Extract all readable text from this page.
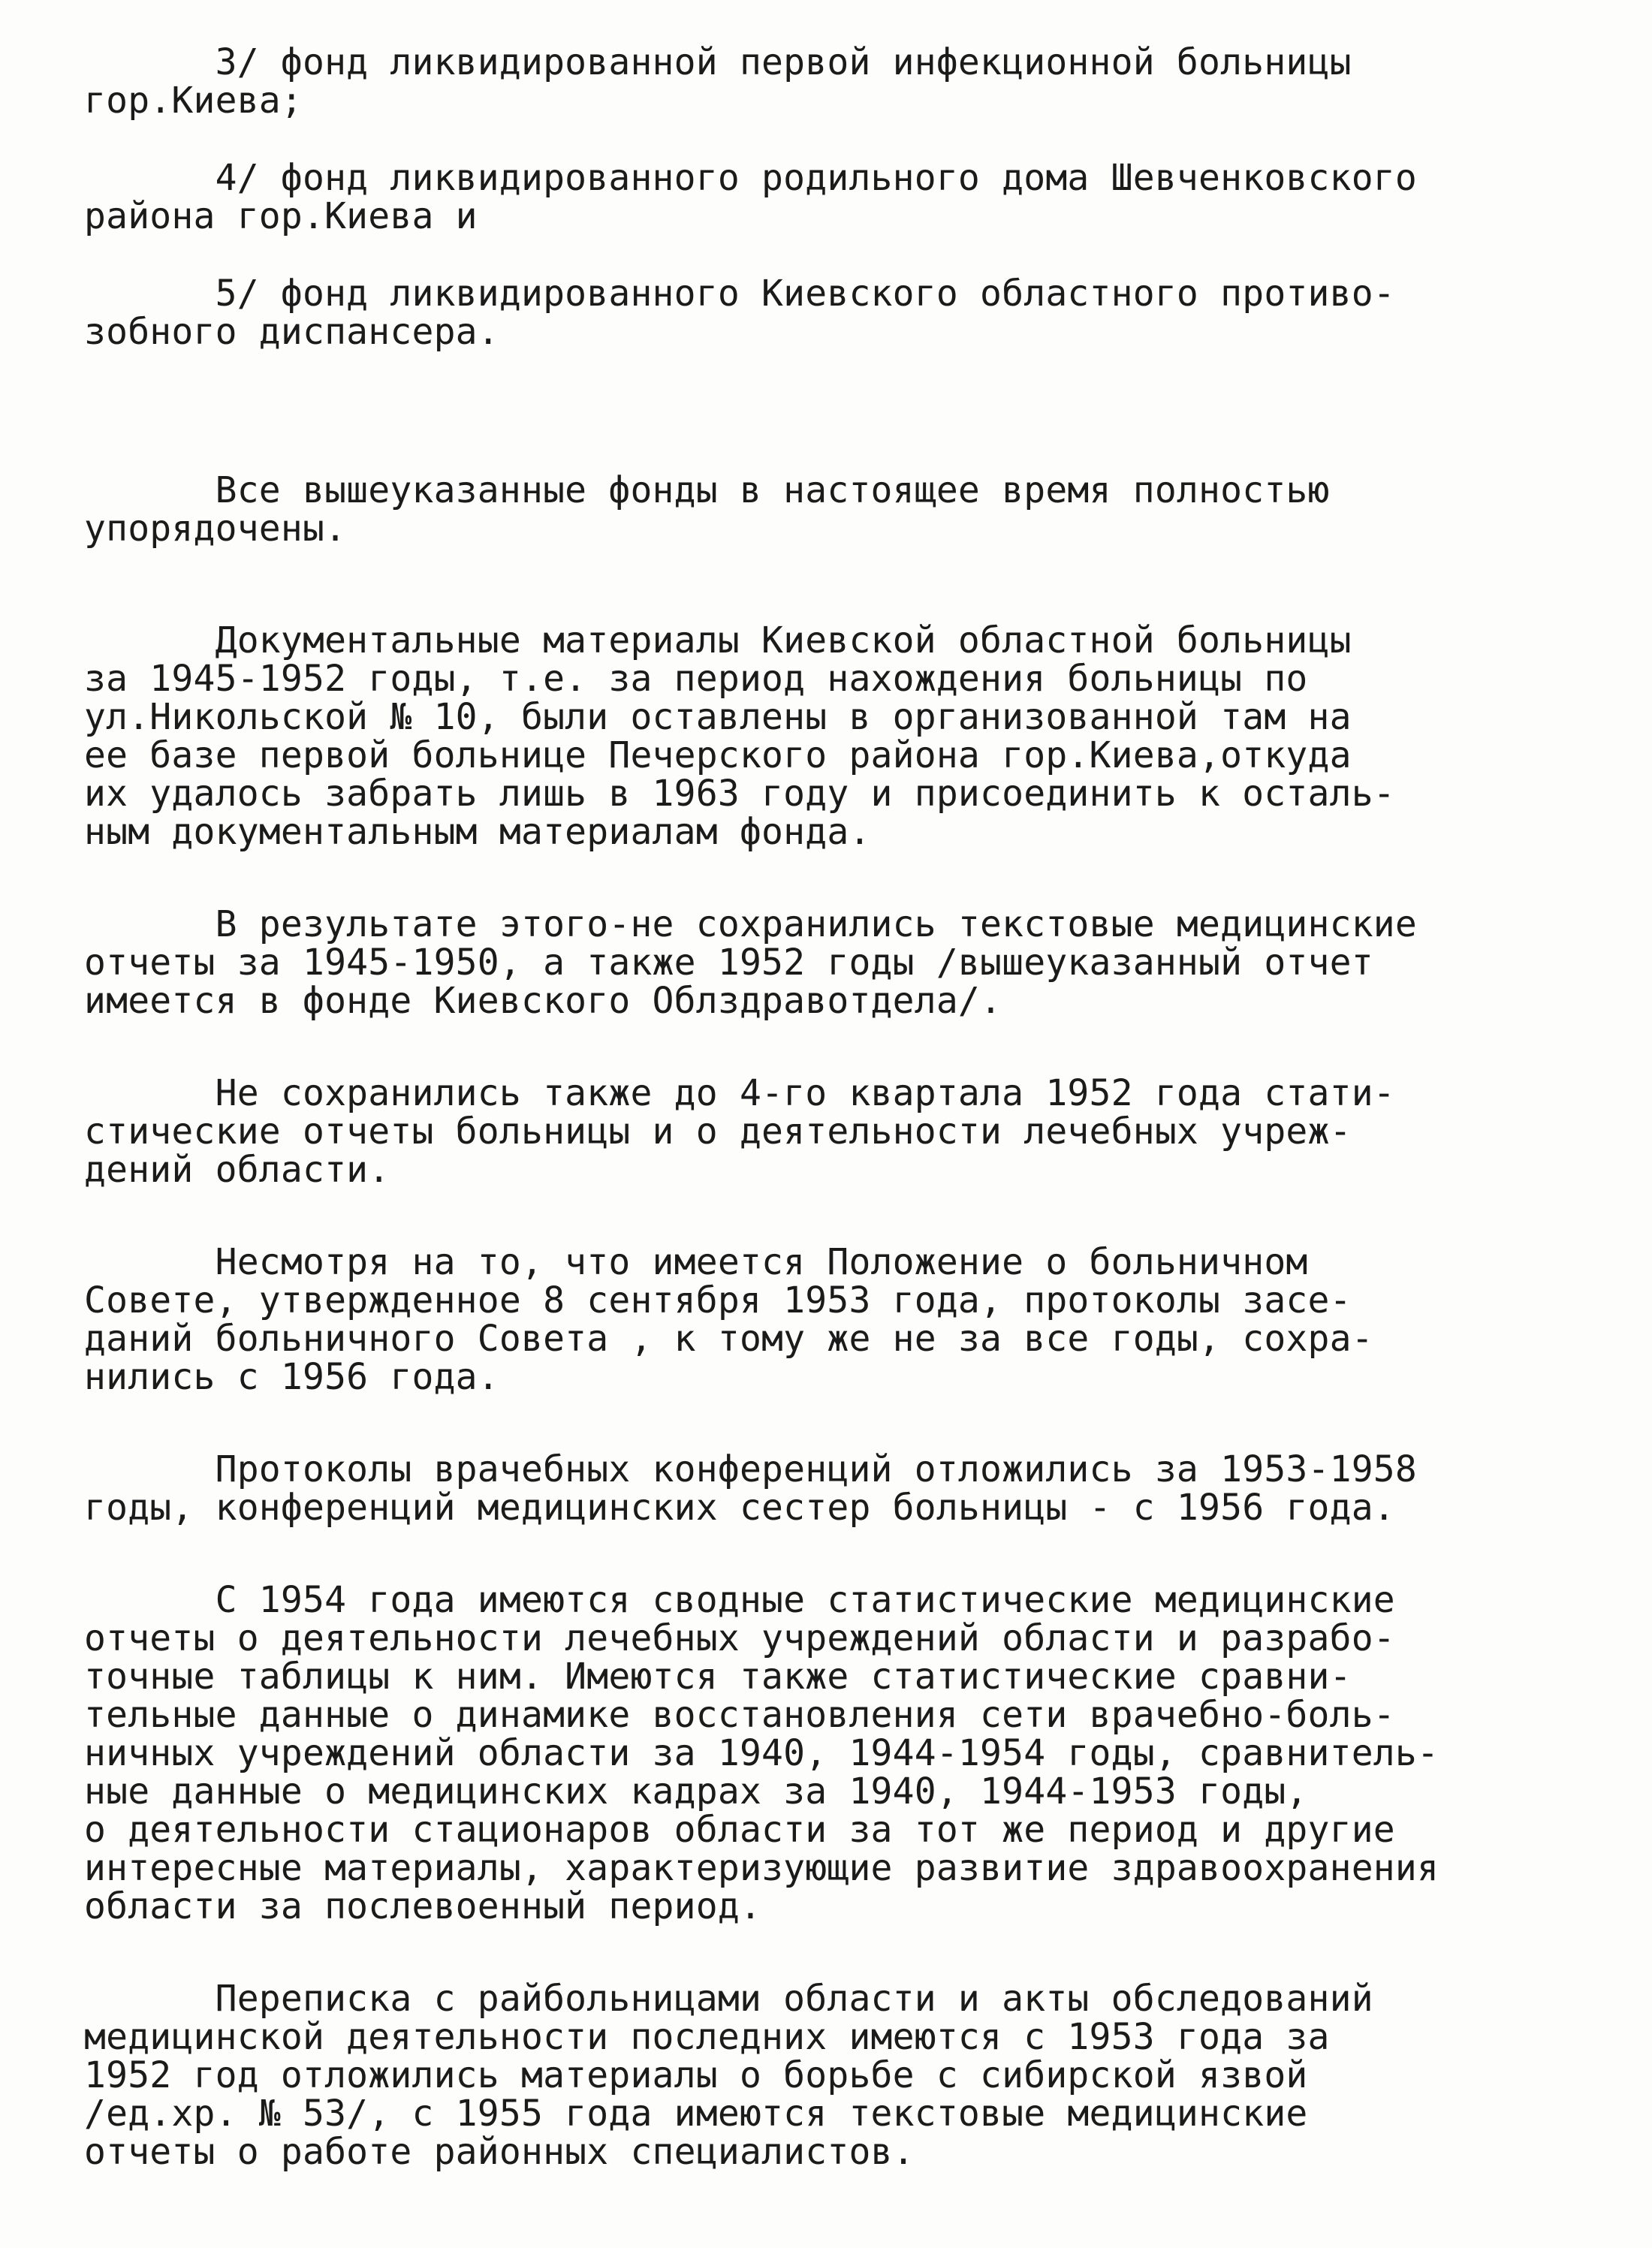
3/ фонд ликвидированной первой инфекционной больницы
гор.Киева;
4/ фонд ликвидированного родильного дома Шевченковского
района гор.Киева и
5/ фонд ликвидированного Киевского областного противо-
зобного диспансера.
Все вышеуказанные фонды в настоящее время полностью
упорядочены.
Документальные материалы Киевской областной больницы
за 1945-1952 годы, т.е. за период нахождения больницы по
ул.Никольской № 10, были оставлены в организованной там на
ее базе первой больнице Печерского района гор.Киева,откуда
их удалось забрать лишь в 1963 году и присоединить к осталь-
ным документальным материалам фонда.
В результате этого-не сохранились текстовые медицинские
отчеты за 1945-1950, а также 1952 годы /вышеуказанный отчет
имеется в фонде Киевского Облздравотдела/.
Не сохранились также до 4-го квартала 1952 года стати-
стические отчеты больницы и о деятельности лечебных учреж-
дений области.
Несмотря на то, что имеется Положение о больничном
Совете, утвержденное 8 сентября 1953 года, протоколы засе-
даний больничного Совета , к тому же не за все годы, сохра-
нились с 1956 года.
Протоколы врачебных конференций отложились за 1953-1958
годы, конференций медицинских сестер больницы - с 1956 года.
С 1954 года имеются сводные статистические медицинские
отчеты о деятельности лечебных учреждений области и разрабо-
точные таблицы к ним. Имеются также статистические сравни-
тельные данные о динамике восстановления сети врачебно-боль-
ничных учреждений области за 1940, 1944-1954 годы, сравнитель-
ные данные о медицинских кадрах за 1940, 1944-1953 годы,
о деятельности стационаров области за тот же период и другие
интересные материалы, характеризующие развитие здравоохранения
области за послевоенный период.
Переписка с райбольницами области и акты обследований
медицинской деятельности последних имеются с 1953 года за
1952 год отложились материалы о борьбе с сибирской язвой
/ед.хр. № 53/, с 1955 года имеются текстовые медицинские
отчеты о работе районных специалистов.
